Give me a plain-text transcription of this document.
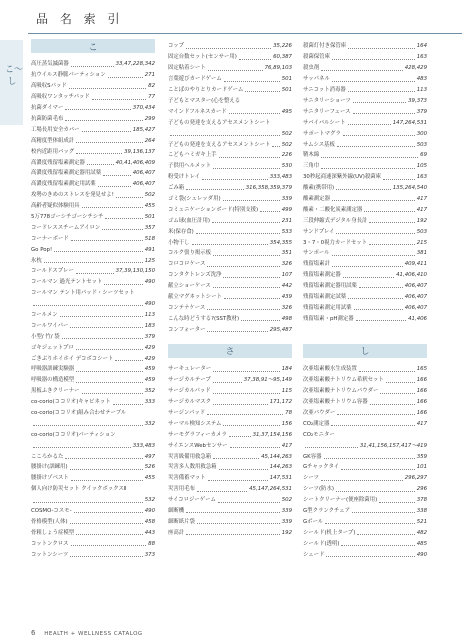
品 名 索 引
こ〜し
こ
高圧蒸気滅菌器	33,47,228,342
抗ウイルス静脈パーティション	271
高吸収Sパッド	82
高吸収ワンタッチパッド	77
抗菌ダイマー	370,434
抗菌防菌毛布	299
工場長用安全カバー	185,427
高精度型体組成計	264
校内近距用バッグ	39,136,137
高濃度残留塩素測定器	40,41,406,409
高濃度残留塩素測定器用試薬	406,407
高濃度残留塩素測定用試薬	406,407
攻勢のきめのストレスを発見せよ!	502
高齢者疑似体験用具	455
5万778ゴーシチゴーシチシチ	501
コードレススチームアイロン	357
コーナーボード	518
Go Pop!	491
氷枕	125
コールドスプレー	37,39,130,150
コールマン 過光テントセット	490
コールマン テント用パッド・シーツセット
490
コールメン	113
コールワイパー	183
小型/ 竹/ 袋	379
ゴキジェットプロ	429
ごきぶりホイホイ デコボコシート	429
呼吸器訓練実験器	459
呼吸器の構造模型	459
黒板ふきクリーナー	352
co-corio(ココリオ)キャビネット	333
co-corio(ココリオ)組み合わせテーブル
332
co-corio(ココリオ)パーティション
333,483
こころかるた	497
腰掛け(訓練用)	526
腰掛けゾベスト	455
個人向け防災セット クイックボックスⅡ
532
COSMO-コスモ-	490
骨格模型(人体)	458
骨粗しょう症模型	443
コットンクロス	88
コットンシーツ	373
コップ	35,226
固定台数セット(センサー用)	60,387
固定粘着シート	76,89,103
言葉遊びカードゲーム	501
ことばのやりとりカードゲーム	501
子どもとマスター(心を整える
マインドフルネスカード	495
子どもの発達を支えるアセスメントシート
502
子どもの発達を支えるアセスメントシート 502
こどもハミガキ上手	226
子供用ヘルメット	530
粉受けトレイ	333,483
ごみ箱	316,358,359,379
ゴミ袋(シュレッダ用)	339
コミュニケーションボード(特別支援)	499
ゴム球(血圧計用)	231
米(保存食)	533
小物干し	354,355
コルク張り掲示板	351
コロコロケース	326
コンタクトレンズ洗浄	107
献立ショーケース	442
献立マグネットシート	439
コンテナケース	326
こんな時どうする?(SST教材)	498
コンフォーター	295,487
さ
サーキュレーター	184
サージカルテープ	37,38,91〜95,149
サージカルパッド	115
サージカルマスク	171,172
サージンパッド	78
サーマル検知システム	156
サーモグラフィーカメラ	31,37,154,156
サイエンスWebセンサー	417
災害級備用救急箱	45,144,263
災害多人数用救急箱	144,263
災害備蓄マット	147,531
災害用毛布	45,147,264,531
サイコロジーゲーム	502
細断機	339
細断紙片袋	339
座高計	192
殺菌灯付き保管庫	164
殺菌保管庫	163
殺虫剤	428,429
サッパネル	483
サニコット消毒器	113
サニタリーショーツ	39,373
サニタリーフェース	379
サバイバルシート	147,264,531
サポートマグラ	300
サムシス基板	503
鞘木綿	69
三角巾	105
30秒起商速深紫外線(UV)殺菌庫	163
酸素(携帯用)	135,264,540
酸素測定器	417
酸素・二酸化炭素測定器	417
三段伸縮式デジタル身長計	192
サンドプレイ	503
3・7・0視力カードセット	215
サンポール	381
残留塩素計	409,411
残留塩素測定器	41,406,410
残留塩素測定器用試薬	406,407
残留塩素測定試薬	406,407
残留塩素測定用試薬	406,407
残留塩素・pH測定器	41,406
し
次亜塩素酸水生成装置	165
次亜塩素酸ナトリウム希釈セット	166
次亜塩素酸ナトリウムパウダー	166
次亜塩素酸ナトリウム容器	166
次亜パウダー	166
CO₂測定器	417
CO₂モニター
31,41,156,157,417〜419
GK容器	359
Gチャックタイ	101
シーツ	296,297
シーツ(防水)	296
シートクリーナー(便座除菌用)	378
G型クランクチェア	338
Gボール	521
シールド(机上タープ)	482
シールド(透明)	485
シェード	490
6 HEALTH + WELLNESS CATALOG
